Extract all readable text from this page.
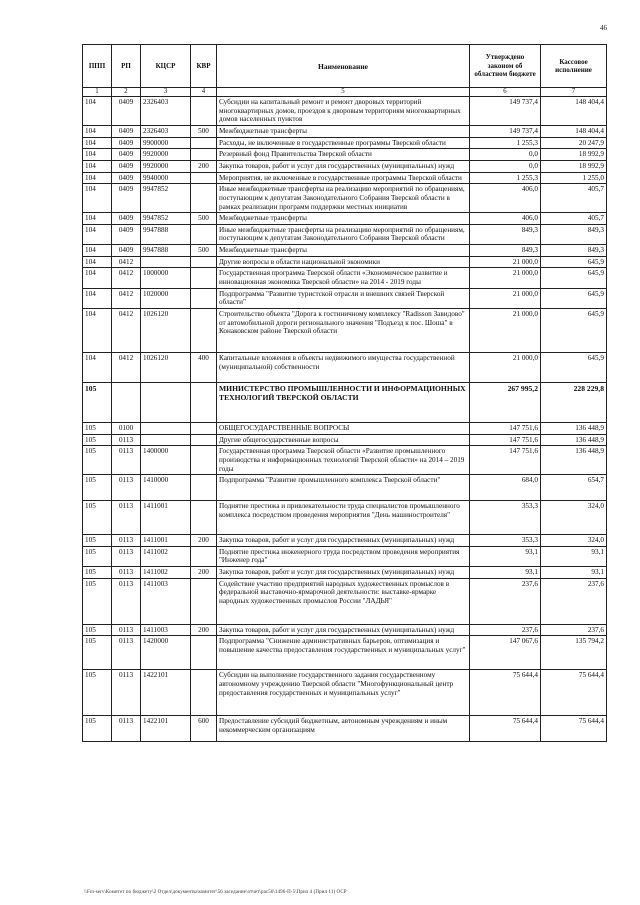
46
ППП	РП	КЦСР	КВР	Наименование	Утверждено законом об областном бюджете	Кассовое исполнение
1	2	3	4	5	6	7
104	0409	2326403		Субсидии на капитальный ремонт и ремонт дворовых территорий многоквартирных домов, проездов к дворовым территориям многоквартирных домов населенных пунктов	149 737,4	148 404,4
104	0409	2326403	500	Межбюджетные трансферты	149 737,4	148 404,4
104	0409	9900000		Расходы, не включенные в государственные программы Тверской области	1 255,3	20 247,9
104	0409	9920000		Резервный фонд Правительства Тверской области	0,0	18 992,9
104	0409	9920000	200	Закупка товаров, работ и услуг для государственных (муниципальных) нужд	0,0	18 992,9
104	0409	9940000		Мероприятия, не включенные в государственные программы Тверской области	1 255,3	1 255,0
104	0409	9947852		Иные межбюджетные трансферты на реализацию мероприятий по обращениям, поступающим к депутатам Законодательного Собрания Тверской области в рамках реализации программ поддержки местных инициатив	406,0	405,7
104	0409	9947852	500	Межбюджетные трансферты	406,0	405,7
104	0409	9947888		Иные межбюджетные трансферты на реализацию мероприятий по обращениям, поступающим к депутатам Законодательного Собрания Тверской области	849,3	849,3
104	0409	9947888	500	Межбюджетные трансферты	849,3	849,3
104	0412			Другие вопросы в области национальной экономики	21 000,0	645,9
104	0412	1000000		Государственная программа Тверской области «Экономическое развитие и инновационная экономика Тверской области» на 2014 - 2019 годы	21 000,0	645,9
104	0412	1020000		Подпрограмма "Развитие туристской отрасли и внешних связей Тверской области"	21 000,0	645,9
104	0412	1026120		Строительство объекта "Дорога к гостиничному комплексу "Radisson Завидово" от автомобильной дороги регионального значения "Подъезд к пос. Шоша" в Конаковском районе Тверской области	21 000,0	645,9
104	0412	1026120	400	Капитальные вложения в объекты недвижимого имущества государственной (муниципальной) собственности	21 000,0	645,9
105				МИНИСТЕРСТВО ПРОМЫШЛЕННОСТИ И ИНФОРМАЦИОННЫХ ТЕХНОЛОГИЙ ТВЕРСКОЙ ОБЛАСТИ	267 995,2	228 229,8
105	0100			ОБЩЕГОСУДАРСТВЕННЫЕ ВОПРОСЫ	147 751,6	136 448,9
105	0113			Другие общегосударственные вопросы	147 751,6	136 448,9
105	0113	1400000		Государственная программа Тверской области «Развитие промышленного производства и информационных технологий Тверской области» на 2014 – 2019 годы	147 751,6	136 448,9
105	0113	1410000		Подпрограмма "Развитие промышленного комплекса Тверской области"	684,0	654,7
105	0113	1411001		Поднятие престижа и привлекательности труда специалистов промышленного комплекса посредством проведения мероприятия "День машиностроителя"	353,3	324,0
105	0113	1411001	200	Закупка товаров, работ и услуг для государственных (муниципальных) нужд	353,3	324,0
105	0113	1411002		Поднятие престижа инженерного труда посредством проведения мероприятия "Инженер года"	93,1	93,1
105	0113	1411002	200	Закупка товаров, работ и услуг для государственных (муниципальных) нужд	93,1	93,1
105	0113	1411003		Содействие участию предприятий народных художественных промыслов в федеральной выставочно-ярмарочной деятельности: выставке-ярмарке народных художественных промыслов России "ЛАДЬЯ"	237,6	237,6
105	0113	1411003	200	Закупка товаров, работ и услуг для государственных (муниципальных) нужд	237,6	237,6
105	0113	1420000		Подпрограмма "Снижение административных барьеров, оптимизация и повышение качества предоставления государственных и муниципальных услуг"	147 067,6	135 794,2
105	0113	1422101		Субсидии на выполнение государственного задания государственному автономному учреждению Тверской области "Многофункциональный центр предоставления государственных и муниципальных услуг"	75 644,4	75 644,4
105	0113	1422101	600	Предоставление субсидий бюджетным, автономным учреждениям и иным некоммерческим организациям	75 644,4	75 644,4
\\Fin-serv\Комитет по бюджету\2 Отдел\документы\комитет\56 заседание\отчет\рас56\1496-П-5\Прил 4 (Прил 11) ОСР
